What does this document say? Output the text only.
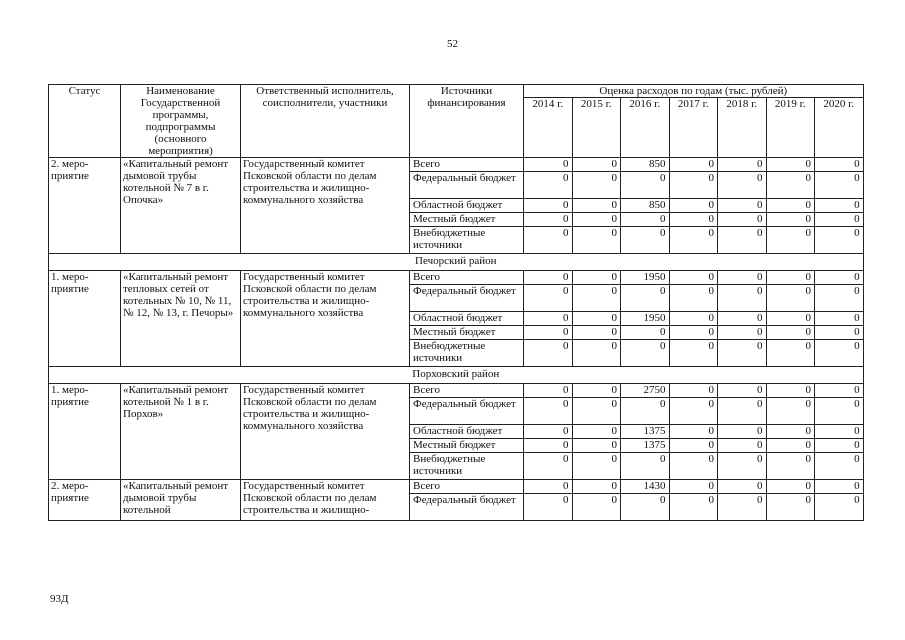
52
Статус	Наименование Государственной программы, подпрограммы (основного мероприятия)	Ответственный исполнитель, соисполнители, участники	Источники финансирования	Оценка расходов по годам (тыс. рублей)						
				2014 г.	2015 г.	2016 г.	2017 г.	2018 г.	2019 г.	2020 г.
2. меро-приятие	«Капитальный ремонт дымовой трубы котельной № 7 в г. Опочка»	Государственный комитет Псковской области по делам строительства и жилищно-коммунального хозяйства	Всего	0	0	850	0	0	0	0
			Федеральный бюджет	0	0	0	0	0	0	0
			Областной бюджет	0	0	850	0	0	0	0
			Местный бюджет	0	0	0	0	0	0	0
			Внебюджетные источники	0	0	0	0	0	0	0
Печорский район										
1. меро-приятие	«Капитальный ремонт тепловых сетей от котельных № 10, № 11, № 12, № 13, г. Печоры»	Государственный комитет Псковской области по делам строительства и жилищно-коммунального хозяйства	Всего	0	0	1950	0	0	0	0
			Федеральный бюджет	0	0	0	0	0	0	0
			Областной бюджет	0	0	1950	0	0	0	0
			Местный бюджет	0	0	0	0	0	0	0
			Внебюджетные источники	0	0	0	0	0	0	0
Порховский район										
1. меро-приятие	«Капитальный ремонт котельной № 1 в г. Порхов»	Государственный комитет Псковской области по делам строительства и жилищно-коммунального хозяйства	Всего	0	0	2750	0	0	0	0
			Федеральный бюджет	0	0	0	0	0	0	0
			Областной бюджет	0	0	1375	0	0	0	0
			Местный бюджет	0	0	1375	0	0	0	0
			Внебюджетные источники	0	0	0	0	0	0	0
2. меро-приятие	«Капитальный ремонт дымовой трубы котельной	Государственный комитет Псковской области по делам строительства и жилищно-	Всего	0	0	1430	0	0	0	0
			Федеральный бюджет	0	0	0	0	0	0	0
93Д
